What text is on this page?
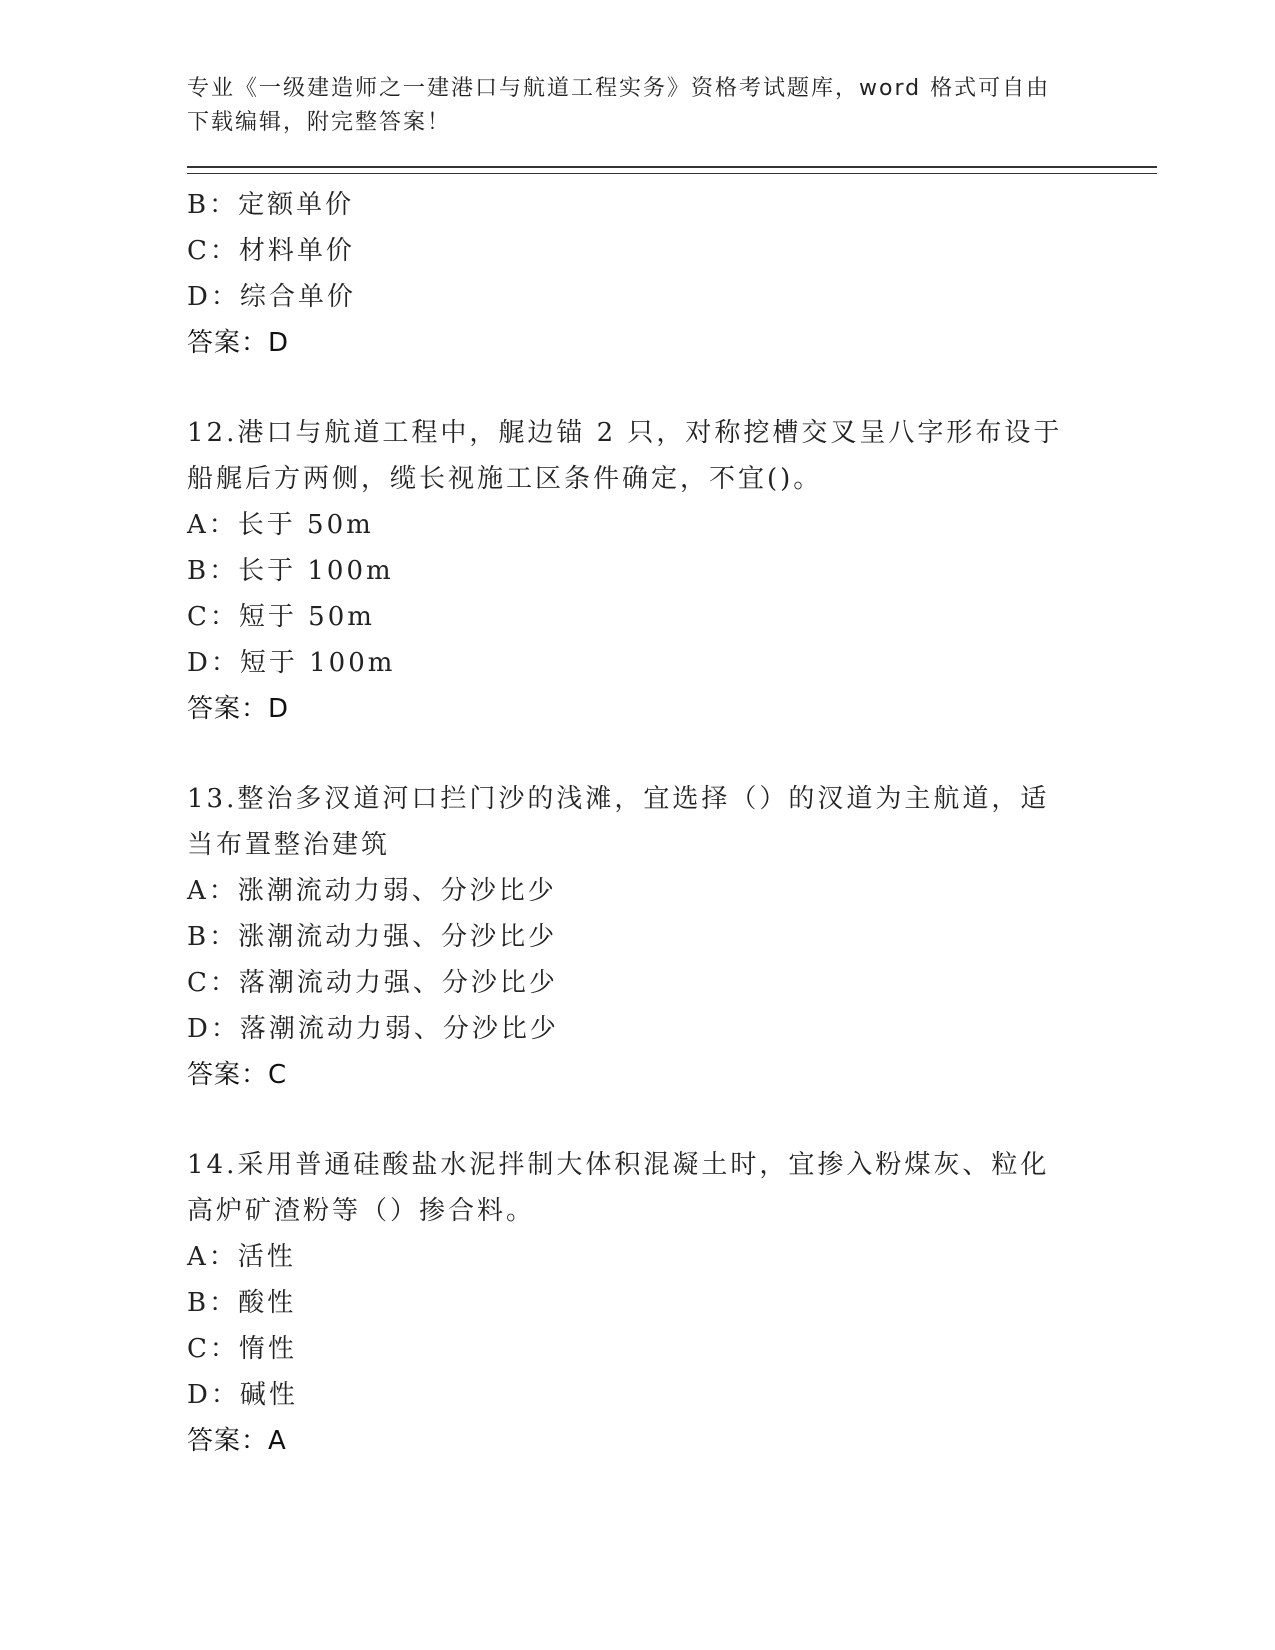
专业《一级建造师之一建港口与航道工程实务》资格考试题库，word 格式可自由下载编辑，附完整答案！

B：定额单价
C：材料单价
D：综合单价
答案：D
12.港口与航道工程中，艉边锚 2 只，对称挖槽交叉呈八字形布设于船艉后方两侧，缆长视施工区条件确定，不宜()。
A：长于 50m
B：长于 100m
C：短于 50m
D：短于 100m
答案：D
13.整治多汊道河口拦门沙的浅滩，宜选择（）的汊道为主航道，适当布置整治建筑
A：涨潮流动力弱、分沙比少
B：涨潮流动力强、分沙比少
C：落潮流动力强、分沙比少
D：落潮流动力弱、分沙比少
答案：C
14.采用普通硅酸盐水泥拌制大体积混凝土时，宜掺入粉煤灰、粒化高炉矿渣粉等（）掺合料。
A：活性
B：酸性
C：惰性
D：碱性
答案：A
